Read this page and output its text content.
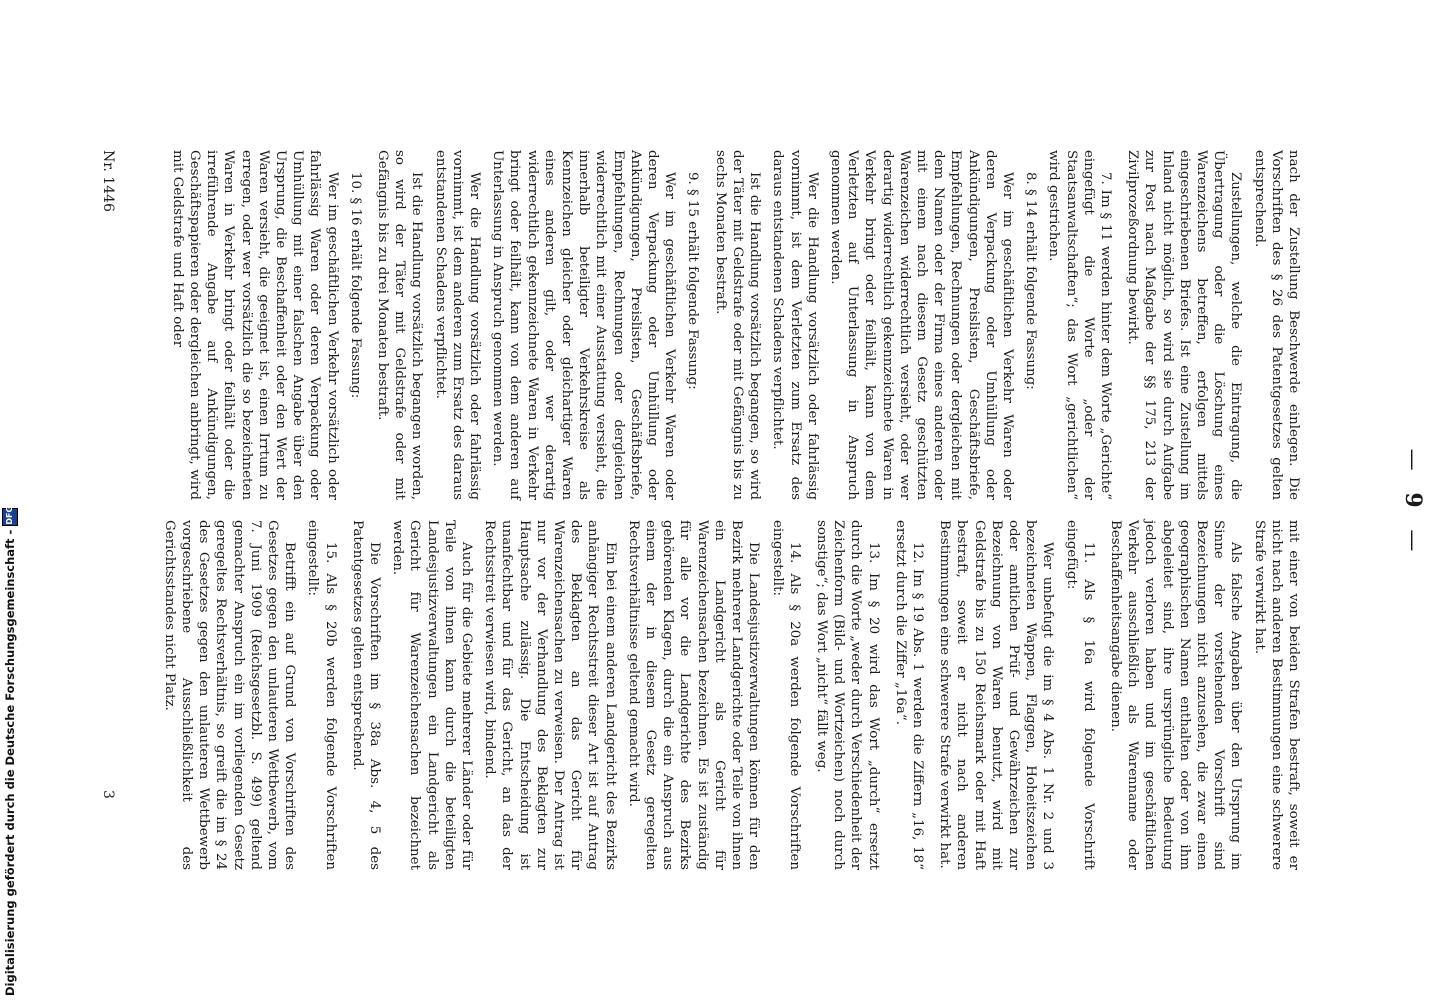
— 9 —

nach der Zustellung Beschwerde einlegen. Die Vorschriften des § 26 des Patentgesetzes gelten entsprechend.

Zustellungen, welche die Eintragung, die Übertragung oder die Löschung eines Warenzeichens betreffen, erfolgen mittels eingeschriebenen Briefes. Ist eine Zustellung im Inland nicht möglich, so wird sie durch Aufgabe zur Post nach Maßgabe der §§ 175, 213 der Zivilprozeßordnung bewirkt.

7. Im § 11 werden hinter dem Worte „Gerichte“ eingefügt die Worte „oder der Staatsanwaltschaften“; das Wort „gerichtlichen“ wird gestrichen.

8. § 14 erhält folgende Fassung:

Wer im geschäftlichen Verkehr Waren oder deren Verpackung oder Umhüllung oder Ankündigungen, Preislisten, Geschäftsbriefe, Empfehlungen, Rechnungen oder dergleichen mit dem Namen oder der Firma eines anderen oder mit einem nach diesem Gesetz geschützten Warenzeichen widerrechtlich versieht, oder wer derartig widerrechtlich gekennzeichnete Waren in Verkehr bringt oder feilhält, kann von dem Verletzten auf Unterlassung in Anspruch genommen werden.

Wer die Handlung vorsätzlich oder fahrlässig vornimmt, ist dem Verletzten zum Ersatz des daraus entstandenen Schadens verpflichtet.

Ist die Handlung vorsätzlich begangen, so wird der Täter mit Geldstrafe oder mit Gefängnis bis zu sechs Monaten bestraft.

9. § 15 erhält folgende Fassung:

Wer im geschäftlichen Verkehr Waren oder deren Verpackung oder Umhüllung oder Ankündigungen, Preislisten, Geschäftsbriefe, Empfehlungen, Rechnungen oder dergleichen widerrechtlich mit einer Ausstattung versieht, die innerhalb beteiligter Verkehrskreise als Kennzeichen gleicher oder gleichartiger Waren eines anderen gilt, oder wer derartig widerrechtlich gekennzeichnete Waren in Verkehr bringt oder feilhält, kann von dem anderen auf Unterlassung in Anspruch genommen werden.

Wer die Handlung vorsätzlich oder fahrlässig vornimmt, ist dem anderen zum Ersatz des daraus entstandenen Schadens verpflichtet.

Ist die Handlung vorsätzlich begangen worden, so wird der Täter mit Geldstrafe oder mit Gefängnis bis zu drei Monaten bestraft.

10. § 16 erhält folgende Fassung:

Wer im geschäftlichen Verkehr vorsätzlich oder fahrlässig Waren oder deren Verpackung oder Umhüllung mit einer falschen Angabe über den Ursprung, die Beschaffenheit oder den Wert der Waren versieht, die geeignet ist, einen Irrtum zu erregen, oder wer vorsätzlich die so bezeichneten Waren in Verkehr bringt oder feilhält oder die irreführende Angabe auf Ankündigungen, Geschäftspapieren oder dergleichen anbringt, wird mit Geldstrafe und Haft oder

mit einer von beiden Strafen bestraft, soweit er nicht nach anderen Bestimmungen eine schwerere Strafe verwirkt hat.

Als falsche Angaben über den Ursprung im Sinne der vorstehenden Vorschrift sind Bezeichnungen nicht anzusehen, die zwar einen geographischen Namen enthalten oder von ihm abgeleitet sind, ihre ursprüngliche Bedeutung jedoch verloren haben und im geschäftlichen Verkehr ausschließlich als Warenname oder Beschaffenheitsangabe dienen.

11. Als § 16a wird folgende Vorschrift eingefügt:

Wer unbefugt die im § 4 Abs. 1 Nr. 2 und 3 bezeichneten Wappen, Flaggen, Hoheitszeichen oder amtlichen Prüf- und Gewährzeichen zur Bezeichnung von Waren benutzt, wird mit Geldstrafe bis zu 150 Reichsmark oder mit Haft bestraft, soweit er nicht nach anderen Bestimmungen eine schwerere Strafe verwirkt hat.

12. Im § 19 Abs. 1 werden die Ziffern „16, 18“ ersetzt durch die Ziffer „16a“.

13. Im § 20 wird das Wort „durch“ ersetzt durch die Worte „weder durch Verschiedenheit der Zeichenform (Bild- und Wortzeichen) noch durch sonstige“; das Wort „nicht“ fällt weg.

14. Als § 20a werden folgende Vorschriften eingestellt:

Die Landesjustizverwaltungen können für den Bezirk mehrerer Landgerichte oder Teile von ihnen ein Landgericht als Gericht für Warenzeichensachen bezeichnen. Es ist zuständig für alle vor die Landgerichte des Bezirks gehörenden Klagen, durch die ein Anspruch aus einem der in diesem Gesetz geregelten Rechtsverhältnisse geltend gemacht wird.

Ein bei einem anderen Landgericht des Bezirks anhängiger Rechtsstreit dieser Art ist auf Antrag des Beklagten an das Gericht für Warenzeichensachen zu verweisen. Der Antrag ist nur vor der Verhandlung des Beklagten zur Hauptsache zulässig. Die Entscheidung ist unanfechtbar und für das Gericht, an das der Rechtsstreit verwiesen wird, bindend.

Auch für die Gebiete mehrerer Länder oder für Teile von ihnen kann durch die beteiligten Landesjustizverwaltungen ein Landgericht als Gericht für Warenzeichensachen bezeichnet werden.

Die Vorschriften im § 38a Abs. 4, 5 des Patentgesetzes gelten entsprechend.

15. Als § 20b werden folgende Vorschriften eingestellt:

Betrifft ein auf Grund von Vorschriften des Gesetzes gegen den unlauteren Wettbewerb, vom 7. Juni 1909 (Reichsgesetzbl. S. 499) geltend gemachter Anspruch ein im vorliegenden Gesetz geregeltes Rechtsverhältnis, so greift die im § 24 des Gesetzes gegen den unlauteren Wettbewerb vorgeschriebene Ausschließlichkeit des Gerichtsstandes nicht Platz.

Nr. 1446
3
Digitalisierung gefördert durch die Deutsche Forschungsgemeinschaft -
DFG
